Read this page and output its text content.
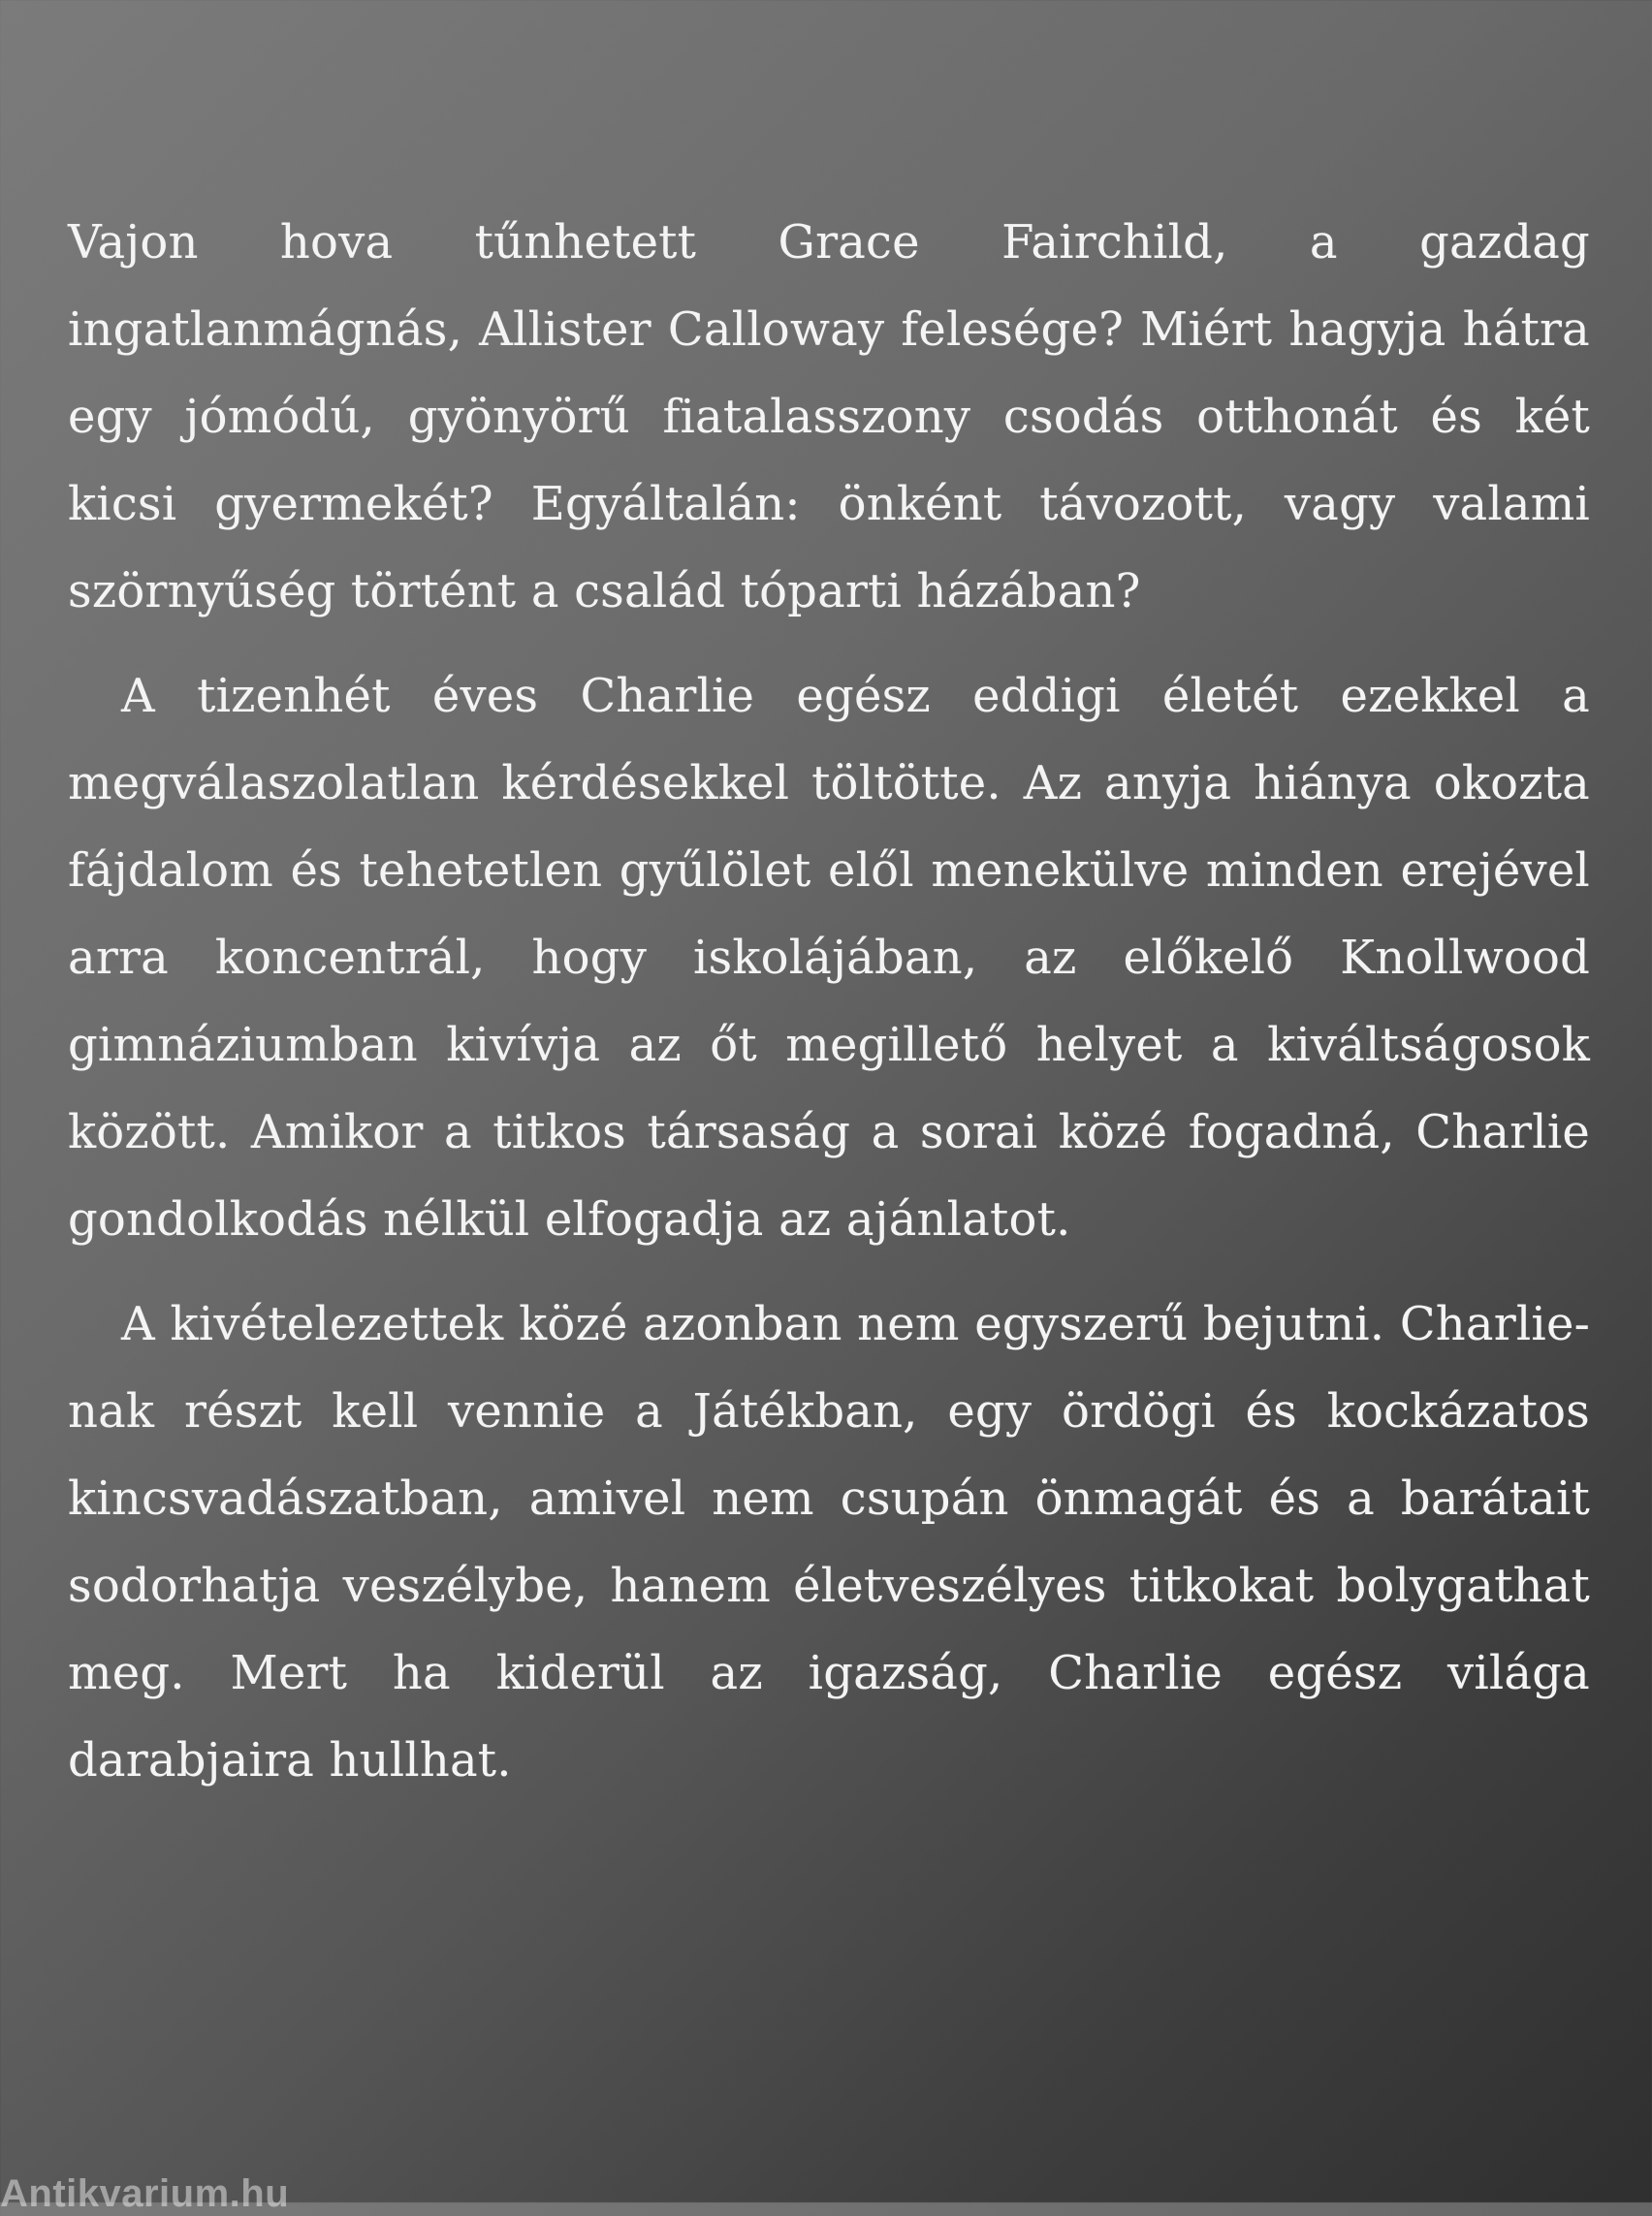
Vajon hova tűnhetett Grace Fairchild, a gazdag ingatlanmágnás, Allister Calloway felesége? Miért hagyja hátra egy jómódú, gyönyörű fiatalasszony csodás otthonát és két kicsi gyermekét? Egyáltalán: önként távozott, vagy valami szörnyűség történt a család tóparti házában?

A tizenhét éves Charlie egész eddigi életét ezekkel a megválaszolatlan kérdésekkel töltötte. Az anyja hiánya okozta fájdalom és tehetetlen gyűlölet elől menekülve minden erejével arra koncentrál, hogy iskolájában, az előkelő Knollwood gimnáziumban kivívja az őt megillető helyet a kiváltságosok között. Amikor a titkos társaság a sorai közé fogadná, Charlie gondolkodás nélkül elfogadja az ajánlatot.

A kivételezettek közé azonban nem egyszerű bejutni. Charlie-nak részt kell vennie a Játékban, egy ördögi és kockázatos kincsvadászatban, amivel nem csupán önmagát és a barátait sodorhatja veszélybe, hanem életveszélyes titkokat bolygathat meg. Mert ha kiderül az igazság, Charlie egész világa darabjaira hullhat.

Antikvarium.hu
